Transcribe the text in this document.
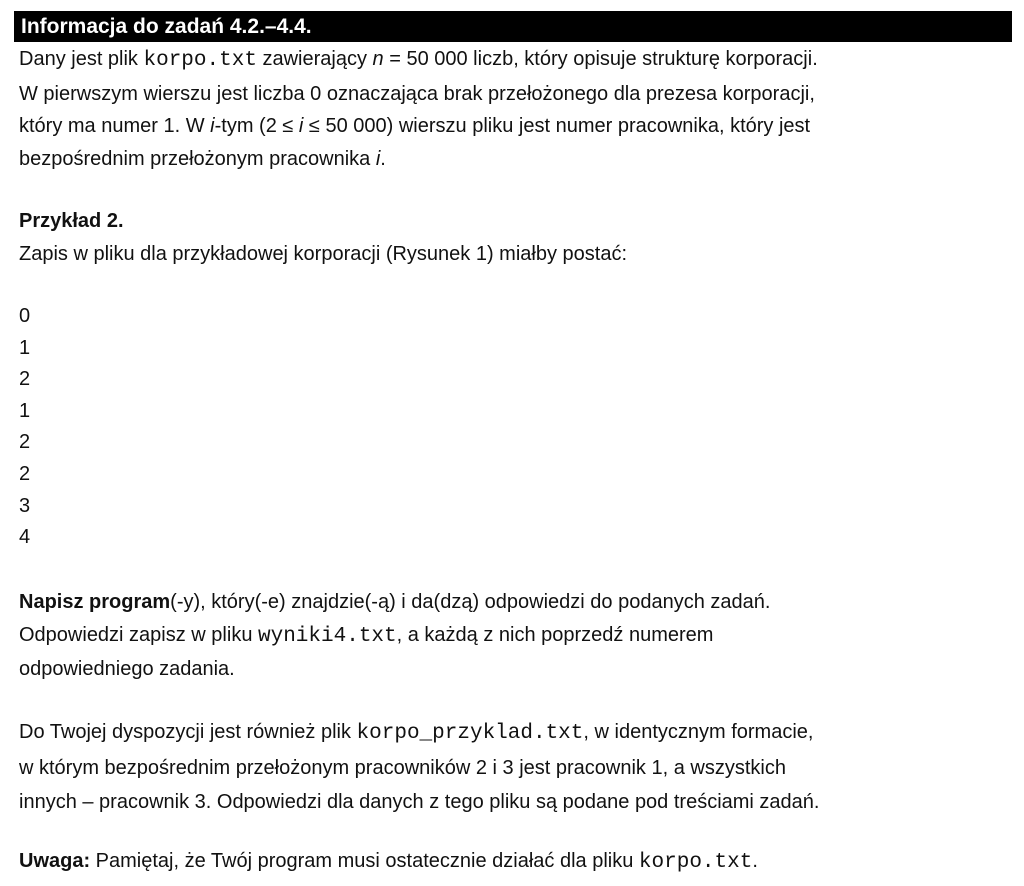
Informacja do zadań 4.2.–4.4.
Dany jest plik korpo.txt zawierający n = 50 000 liczb, który opisuje strukturę korporacji.
W pierwszym wierszu jest liczba 0 oznaczająca brak przełożonego dla prezesa korporacji,
który ma numer 1. W i-tym (2 ≤ i ≤ 50 000) wierszu pliku jest numer pracownika, który jest
bezpośrednim przełożonym pracownika i.
Przykład 2.
Zapis w pliku dla przykładowej korporacji (Rysunek 1) miałby postać:
0
1
2
1
2
2
3
4
Napisz program(-y), który(-e) znajdzie(-ą) i da(dzą) odpowiedzi do podanych zadań.
Odpowiedzi zapisz w pliku wyniki4.txt, a każdą z nich poprzedź numerem
odpowiedniego zadania.
Do Twojej dyspozycji jest również plik korpo_przyklad.txt, w identycznym formacie,
w którym bezpośrednim przełożonym pracowników 2 i 3 jest pracownik 1, a wszystkich
innych – pracownik 3. Odpowiedzi dla danych z tego pliku są podane pod treściami zadań.
Uwaga: Pamiętaj, że Twój program musi ostatecznie działać dla pliku korpo.txt.
